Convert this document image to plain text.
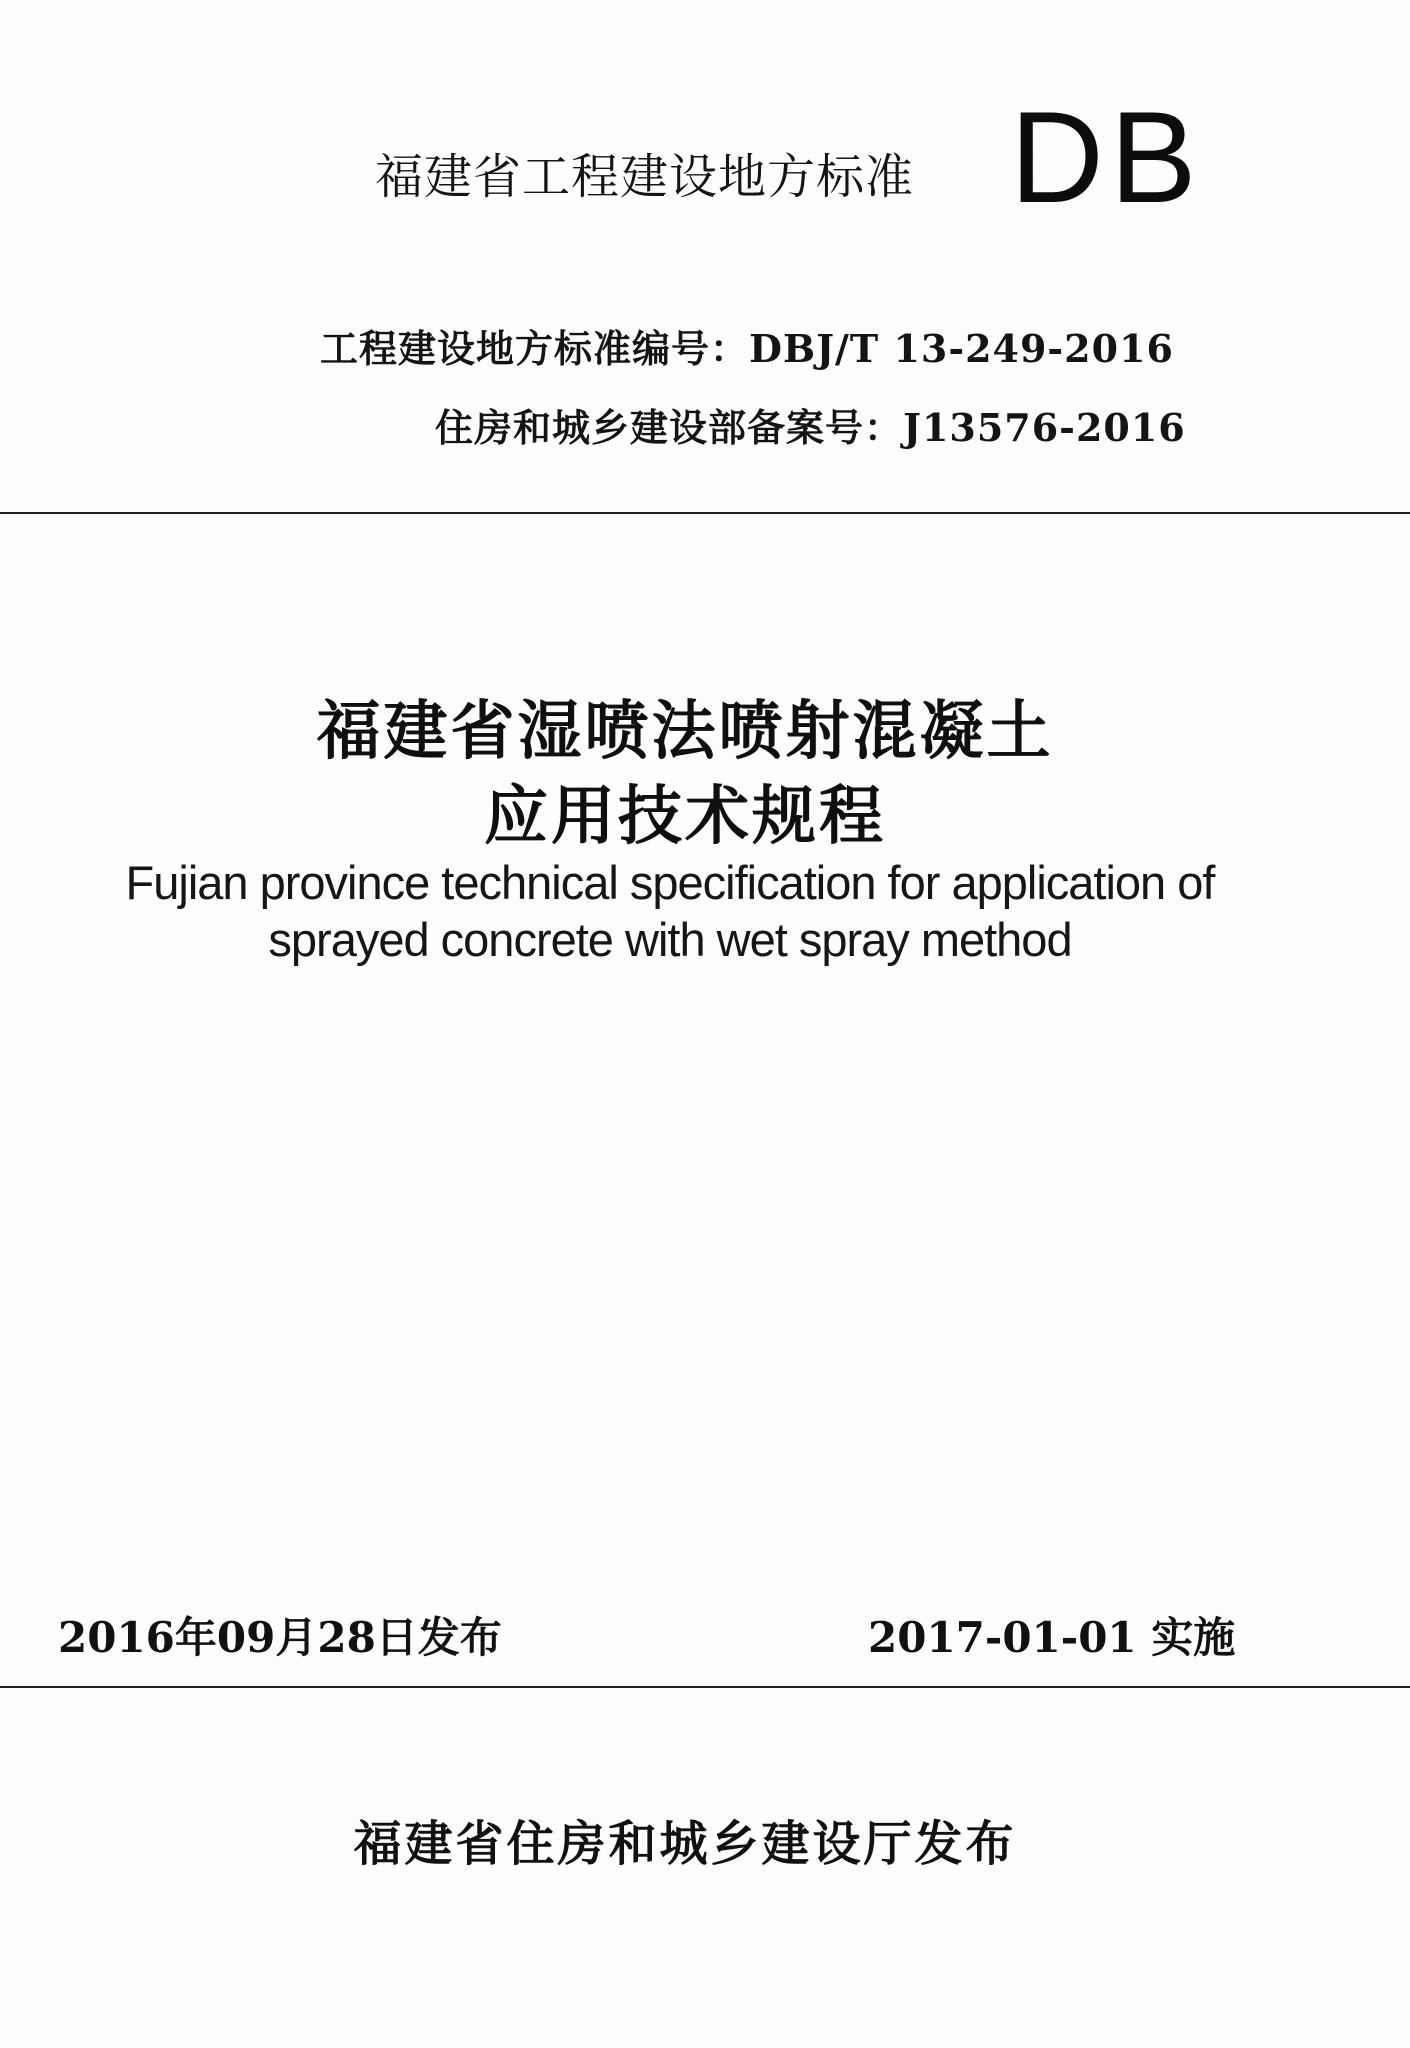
福建省工程建设地方标准 DB
工程建设地方标准编号：DBJ/T 13-249-2016
住房和城乡建设部备案号：J13576-2016
福建省湿喷法喷射混凝土
应用技术规程
Fujian province technical specification for application of
sprayed concrete with wet spray method
2016年09月28日发布	2017-01-01 实施
福建省住房和城乡建设厅发布
